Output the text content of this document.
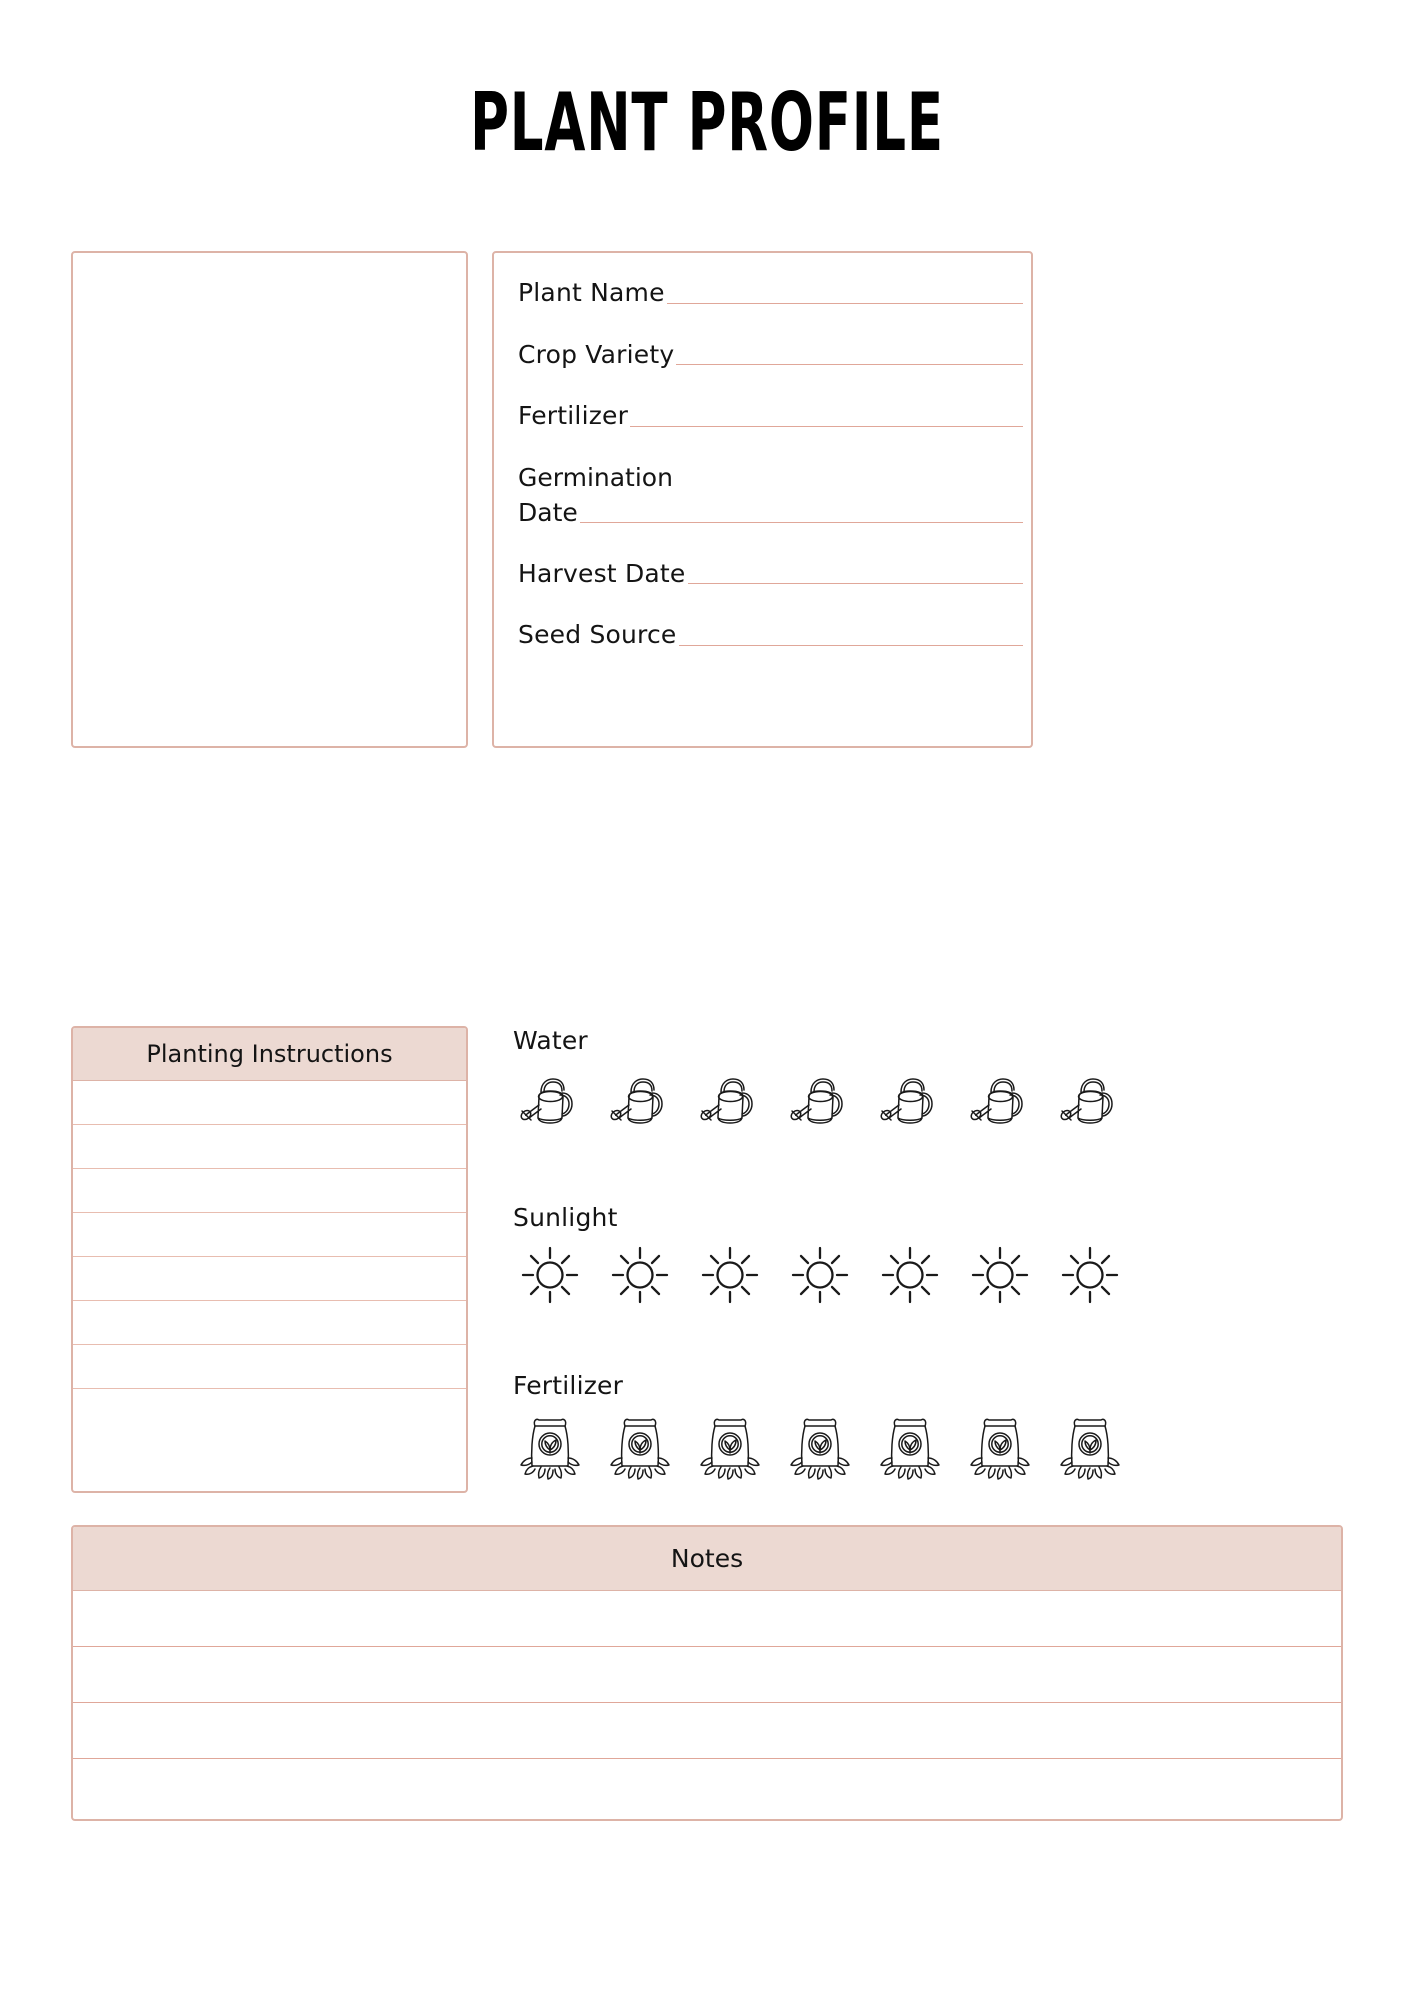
PLANT PROFILE
Plant Name
Crop Variety
Fertilizer
Germination
Date
Harvest Date
Seed Source
Planting Instructions	Water
Sunlight
Fertilizer
Notes
